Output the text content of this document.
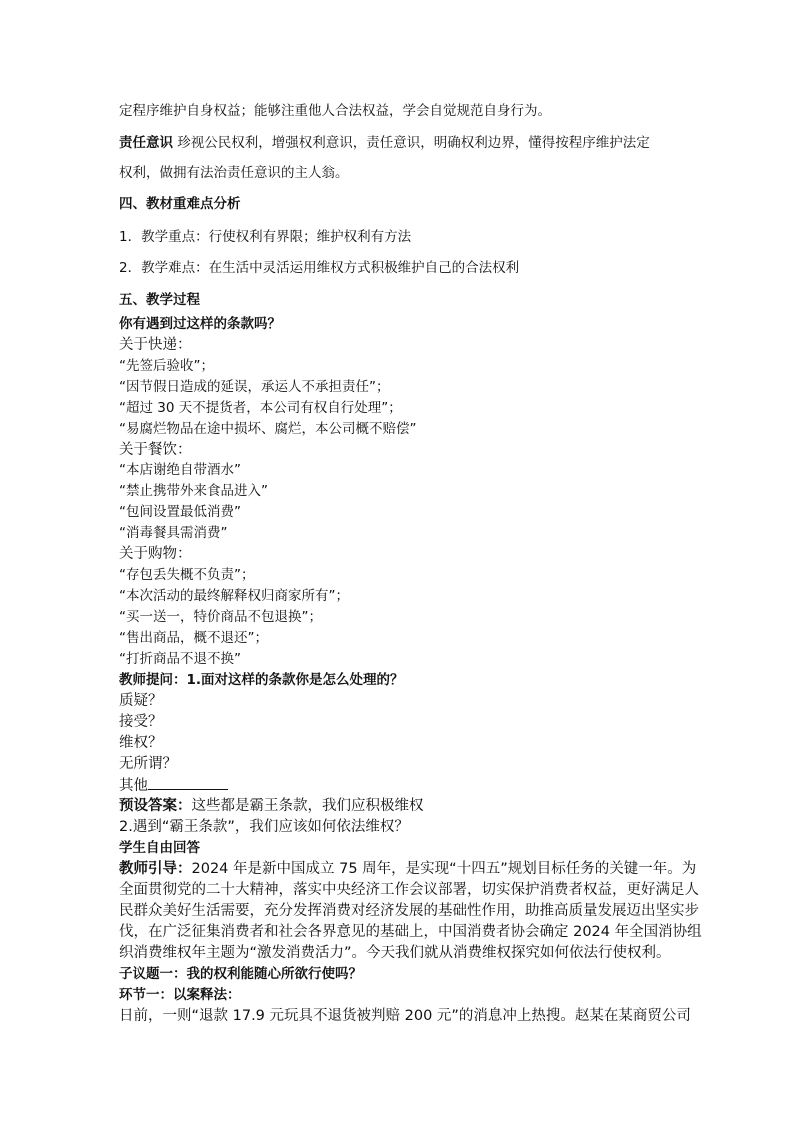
定程序维护自身权益；能够注重他人合法权益，学会自觉规范自身行为。

责任意识 珍视公民权利，增强权利意识，责任意识，明确权利边界，懂得按程序维护法定

权利，做拥有法治责任意识的主人翁。

四、教材重难点分析

1．教学重点：行使权利有界限；维护权利有方法

2．教学难点：在生活中灵活运用维权方式积极维护自己的合法权利

五、教学过程

你有遇到过这样的条款吗？

关于快递：

“先签后验收”；

“因节假日造成的延误，承运人不承担责任”；

“超过 30 天不提货者，本公司有权自行处理”；

“易腐烂物品在途中损坏、腐烂，本公司概不赔偿”

关于餐饮：

“本店谢绝自带酒水”

“禁止携带外来食品进入”

“包间设置最低消费”

“消毒餐具需消费”

关于购物：

“存包丢失概不负责”；

“本次活动的最终解释权归商家所有”；

“买一送一，特价商品不包退换”；

“售出商品，概不退还”；

“打折商品不退不换”

教师提问：1.面对这样的条款你是怎么处理的？

质疑？

接受？

维权？

无所谓？

其他

预设答案：这些都是霸王条款，我们应积极维权

2.遇到“霸王条款”，我们应该如何依法维权？

学生自由回答

教师引导：2024 年是新中国成立 75 周年，是实现“十四五”规划目标任务的关键一年。为

全面贯彻党的二十大精神，落实中央经济工作会议部署，切实保护消费者权益，更好满足人

民群众美好生活需要，充分发挥消费对经济发展的基础性作用，助推高质量发展迈出坚实步

伐，在广泛征集消费者和社会各界意见的基础上，中国消费者协会确定 2024 年全国消协组

织消费维权年主题为“激发消费活力”。今天我们就从消费维权探究如何依法行使权利。

子议题一：我的权利能随心所欲行使吗？

环节一：以案释法：

日前，一则“退款 17.9 元玩具不退货被判赔 200 元”的消息冲上热搜。赵某在某商贸公司
